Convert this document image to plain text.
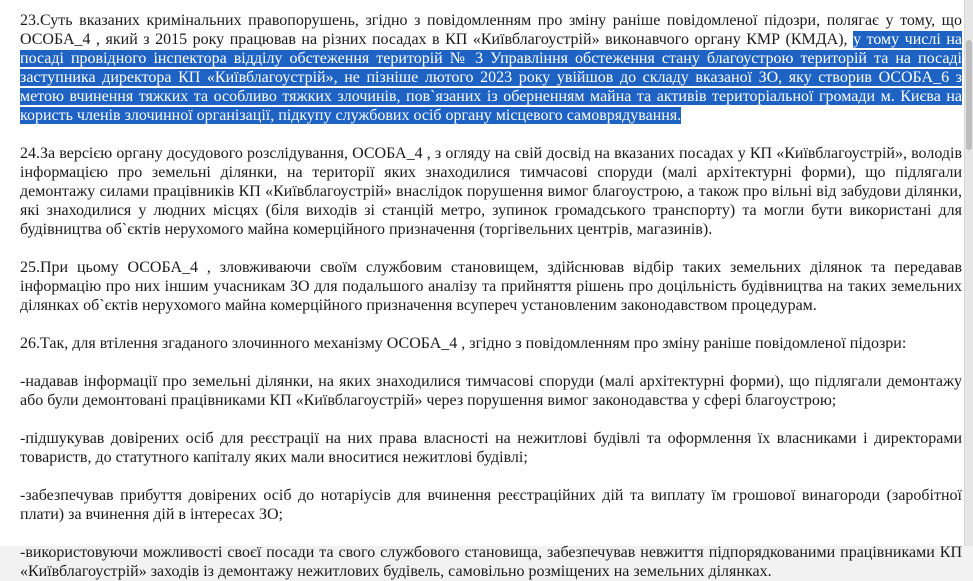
23.Суть вказаних кримінальних правопорушень, згідно з повідомленням про зміну раніше повідомленої підозри, полягає у тому, що ОСОБА_4 , який з 2015 року працював на різних посадах в КП «Київблагоустрій» виконавчого органу КМР (КМДА), у тому числі на посаді провідного інспектора відділу обстеження територій № 3 Управління обстеження стану благоустрою територій та на посаді заступника директора КП «Київблагоустрій», не пізніше лютого 2023 року увійшов до складу вказаної ЗО, яку створив ОСОБА_6 з метою вчинення тяжких та особливо тяжких злочинів, пов`язаних із оберненням майна та активів територіальної громади м. Києва на користь членів злочинної організації, підкупу службових осіб органу місцевого самоврядування.

24.За версією органу досудового розслідування, ОСОБА_4 , з огляду на свій досвід на вказаних посадах у КП «Київблагоустрій», володів інформацією про земельні ділянки, на території яких знаходилися тимчасові споруди (малі архітектурні форми), що підлягали демонтажу силами працівників КП «Київблагоустрій» внаслідок порушення вимог благоустрою, а також про вільні від забудови ділянки, які знаходилися у людних місцях (біля виходів зі станцій метро, зупинок громадського транспорту) та могли бути використані для будівництва об`єктів нерухомого майна комерційного призначення (торгівельних центрів, магазинів).

25.При цьому ОСОБА_4 , зловживаючи своїм службовим становищем, здійснював відбір таких земельних ділянок та передавав інформацію про них іншим учасникам ЗО для подальшого аналізу та прийняття рішень про доцільність будівництва на таких земельних ділянках об`єктів нерухомого майна комерційного призначення всупереч установленим законодавством процедурам.

26.Так, для втілення згаданого злочинного механізму ОСОБА_4 , згідно з повідомленням про зміну раніше повідомленої підозри:

-надавав інформації про земельні ділянки, на яких знаходилися тимчасові споруди (малі архітектурні форми), що підлягали демонтажу або були демонтовані працівниками КП «Київблагоустрій» через порушення вимог законодавства у сфері благоустрою;

-підшукував довірених осіб для реєстрації на них права власності на нежитлові будівлі та оформлення їх власниками і директорами товариств, до статутного капіталу яких мали вноситися нежитлові будівлі;

-забезпечував прибуття довірених осіб до нотаріусів для вчинення реєстраційних дій та виплату їм грошової винагороди (заробітної плати) за вчинення дій в інтересах ЗО;

-використовуючи можливості своєї посади та свого службового становища, забезпечував невжиття підпорядкованими працівниками КП «Київблагоустрій» заходів із демонтажу нежитлових будівель, самовільно розміщених на земельних ділянках.
